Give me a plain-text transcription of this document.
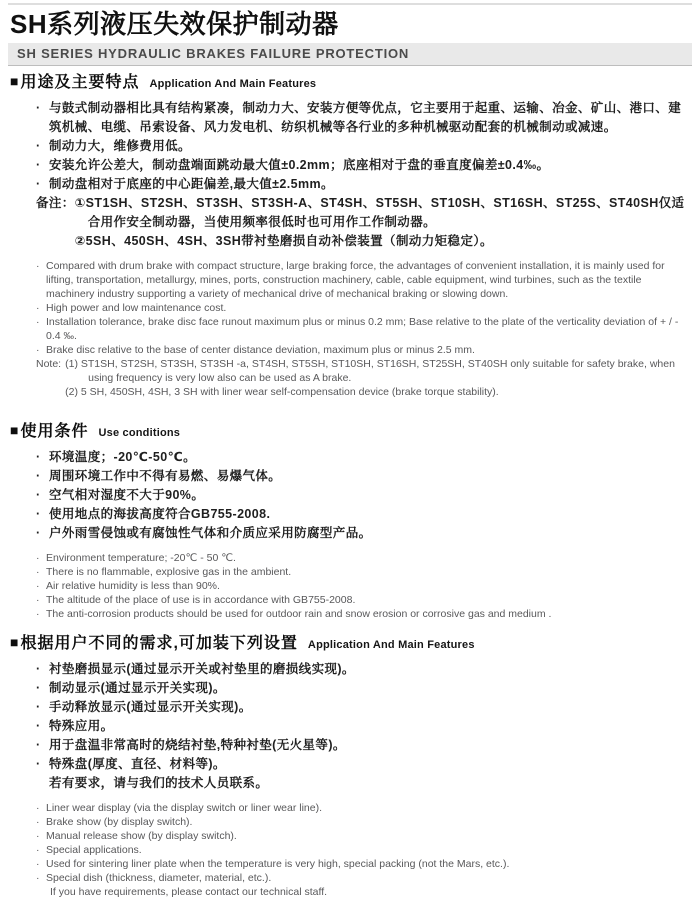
SH系列液压失效保护制动器
SH SERIES HYDRAULIC BRAKES FAILURE PROTECTION
■ 用途及主要特点 Application And Main Features
· 与鼓式制动器相比具有结构紧凑，制动力大、安装方便等优点，它主要用于起重、运输、冶金、矿山、港口、建筑机械、电缆、吊索设备、风力发电机、纺织机械等各行业的多种机械驱动配套的机械制动或减速。
· 制动力大，维修费用低。
· 安装允许公差大，制动盘端面跳动最大值±0.2mm；底座相对于盘的垂直度偏差±0.4‰。
· 制动盘相对于底座的中心距偏差,最大值±2.5mm。
备注： ①ST1SH、ST2SH、ST3SH、ST3SH-A、ST4SH、ST5SH、ST10SH、ST16SH、ST25S、ST40SH仅适合用作安全制动器，当使用频率很低时也可用作工作制动器。
②5SH、450SH、4SH、3SH带衬垫磨损自动补偿装置（制动力矩稳定）。
· Compared with drum brake with compact structure, large braking force, the advantages of convenient installation, it is mainly used for lifting, transportation, metallurgy, mines, ports, construction machinery, cable, cable equipment, wind turbines, such as the textile machinery industry supporting a variety of mechanical drive of mechanical braking or slowing down.
· High power and low maintenance cost.
· Installation tolerance, brake disc face runout maximum plus or minus 0.2 mm; Base relative to the plate of the verticality deviation of + / - 0.4 ‰.
· Brake disc relative to the base of center distance deviation, maximum plus or minus 2.5 mm.
Note: (1) ST1SH, ST2SH, ST3SH, ST3SH -a, ST4SH, ST5SH, ST10SH, ST16SH, ST25SH, ST40SH only suitable for safety brake, when using frequency is very low also can be used as A brake.
(2) 5 SH, 450SH, 4SH, 3 SH with liner wear self-compensation device (brake torque stability).
■ 使用条件 Use conditions
· 环境温度；-20℃-50℃。
· 周围环境工作中不得有易燃、易爆气体。
· 空气相对湿度不大于90%。
· 使用地点的海拔高度符合GB755-2008.
· 户外雨雪侵蚀或有腐蚀性气体和介质应采用防腐型产品。
· Environment temperature; -20℃ - 50 ℃.
· There is no flammable, explosive gas in the ambient.
· Air relative humidity is less than 90%.
· The altitude of the place of use is in accordance with GB755-2008.
· The anti-corrosion products should be used for outdoor rain and snow erosion or corrosive gas and medium .
■ 根据用户不同的需求,可加装下列设置 Application And Main Features
· 衬垫磨损显示(通过显示开关或衬垫里的磨损线实现)。
· 制动显示(通过显示开关实现)。
· 手动释放显示(通过显示开关实现)。
· 特殊应用。
· 用于盘温非常高时的烧结衬垫,特种衬垫(无火星等)。
· 特殊盘(厚度、直径、材料等)。
若有要求，请与我们的技术人员联系。
· Liner wear display (via the display switch or liner wear line).
· Brake show (by display switch).
· Manual release show (by display switch).
· Special applications.
· Used for sintering liner plate when the temperature is very high, special packing (not the Mars, etc.).
· Special dish (thickness, diameter, material, etc.).
If you have requirements, please contact our technical staff.
